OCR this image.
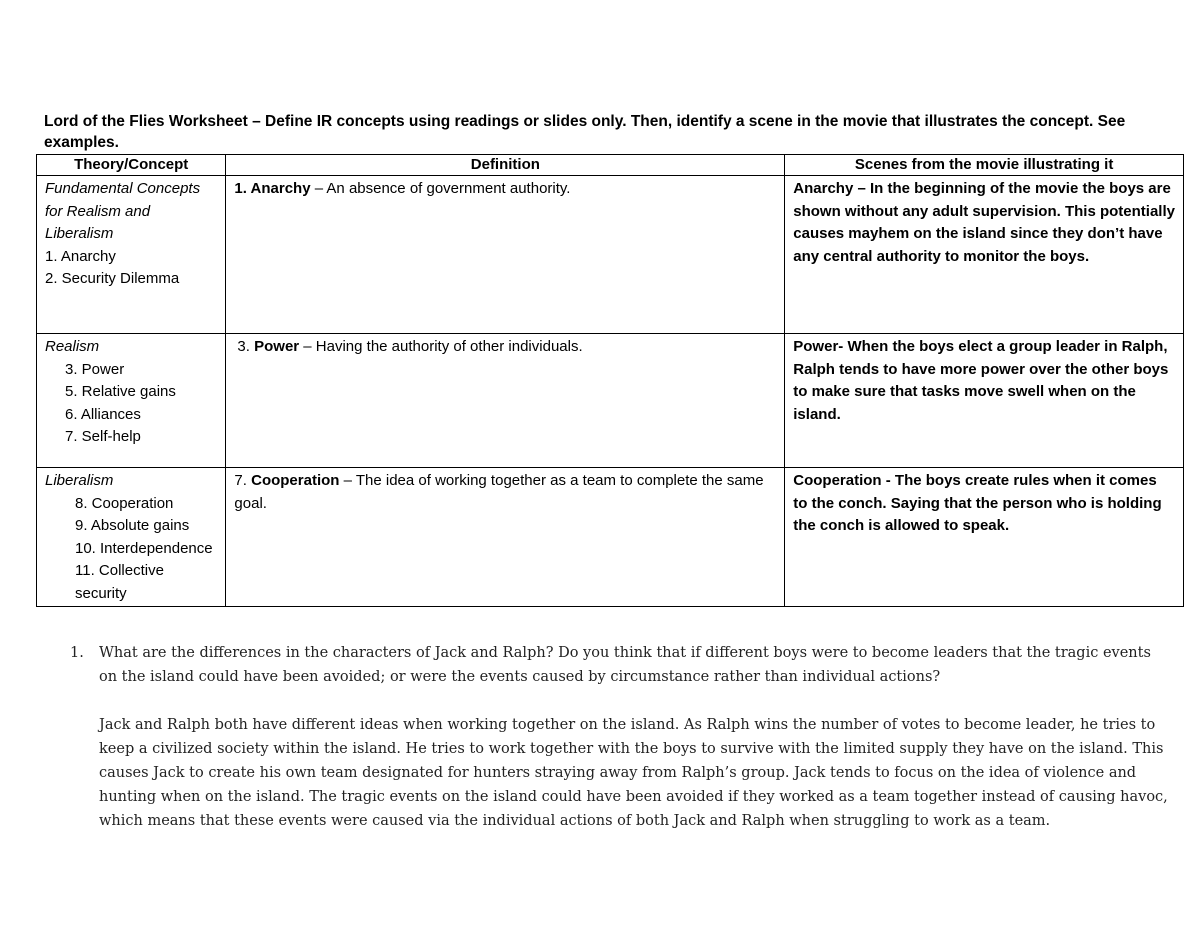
Lord of the Flies Worksheet – Define IR concepts using readings or slides only. Then, identify a scene in the movie that illustrates the concept. See examples.
Theory/Concept	Definition	Scenes from the movie illustrating it

Fundamental Concepts for Realism and Liberalism
1. Anarchy
2. Security Dilemma	1. Anarchy – An absence of government authority.	Anarchy – In the beginning of the movie the boys are shown without any adult supervision. This potentially causes mayhem on the island since they don’t have any central authority to monitor the boys.

Realism
3. Power
5. Relative gains
6. Alliances
7. Self-help	3. Power – Having the authority of other individuals.	Power- When the boys elect a group leader in Ralph, Ralph tends to have more power over the other boys to make sure that tasks move swell when on the island.

Liberalism
8. Cooperation
9. Absolute gains
10. Interdependence
11. Collective security	7. Cooperation – The idea of working together as a team to complete the same goal.	Cooperation - The boys create rules when it comes to the conch. Saying that the person who is holding the conch is allowed to speak.
1. What are the differences in the characters of Jack and Ralph? Do you think that if different boys were to become leaders that the tragic events on the island could have been avoided; or were the events caused by circumstance rather than individual actions?
Jack and Ralph both have different ideas when working together on the island. As Ralph wins the number of votes to become leader, he tries to keep a civilized society within the island. He tries to work together with the boys to survive with the limited supply they have on the island. This causes Jack to create his own team designated for hunters straying away from Ralph’s group. Jack tends to focus on the idea of violence and hunting when on the island. The tragic events on the island could have been avoided if they worked as a team together instead of causing havoc, which means that these events were caused via the individual actions of both Jack and Ralph when struggling to work as a team.
